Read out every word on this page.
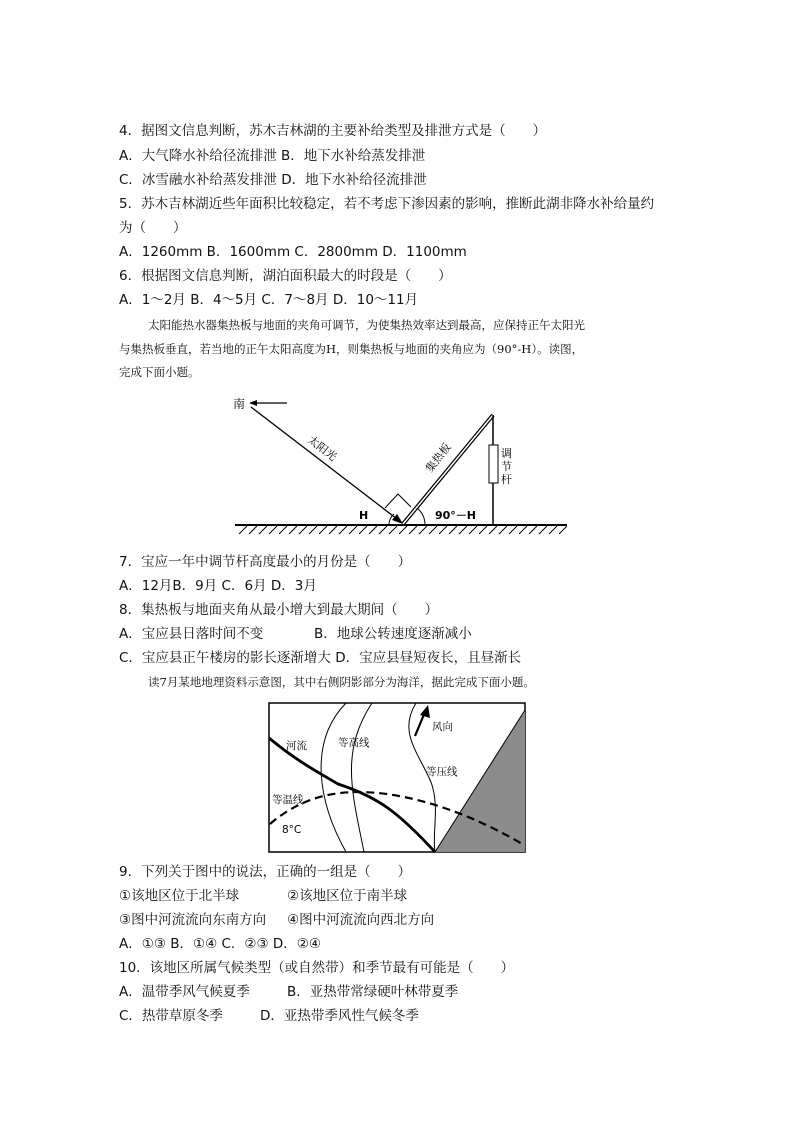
4．据图文信息判断，苏木吉林湖的主要补给类型及排泄方式是（　　）
A．大气降水补给径流排泄 B．地下水补给蒸发排泄
C．冰雪融水补给蒸发排泄 D．地下水补给径流排泄
5．苏木吉林湖近些年面积比较稳定，若不考虑下渗因素的影响，推断此湖非降水补给量约
为（　　）
A．1260mm B．1600mm C．2800mm D．1100mm
6．根据图文信息判断，湖泊面积最大的时段是（　　）
A．1～2月 B．4～5月 C．7～8月 D．10～11月
太阳能热水器集热板与地面的夹角可调节，为使集热效率达到最高，应保持正午太阳光
与集热板垂直，若当地的正午太阳高度为H，则集热板与地面的夹角应为（90°-H）。读图，
完成下面小题。
南
太阳光	集热板	调节杆
H	90°－H
7．宝应一年中调节杆高度最小的月份是（　　）
A．12月B．9月 C．6月 D．3月
8．集热板与地面夹角从最小增大到最大期间（　　）
A．宝应县日落时间不变	B．地球公转速度逐渐减小
C．宝应县正午楼房的影长逐渐增大 D．宝应县昼短夜长，且昼渐长
读7月某地地理资料示意图，其中右侧阴影部分为海洋，据此完成下面小题。
河流	等高线
风向
等压线
等温线
8°C
9．下列关于图中的说法，正确的一组是（　　）
①该地区位于北半球	②该地区位于南半球
③图中河流流向东南方向 ④图中河流流向西北方向
A．①③ B．①④ C．②③ D．②④
10．该地区所属气候类型（或自然带）和季节最有可能是（　　）
A．温带季风气候夏季	B．亚热带常绿硬叶林带夏季
C．热带草原冬季	D．亚热带季风性气候冬季
